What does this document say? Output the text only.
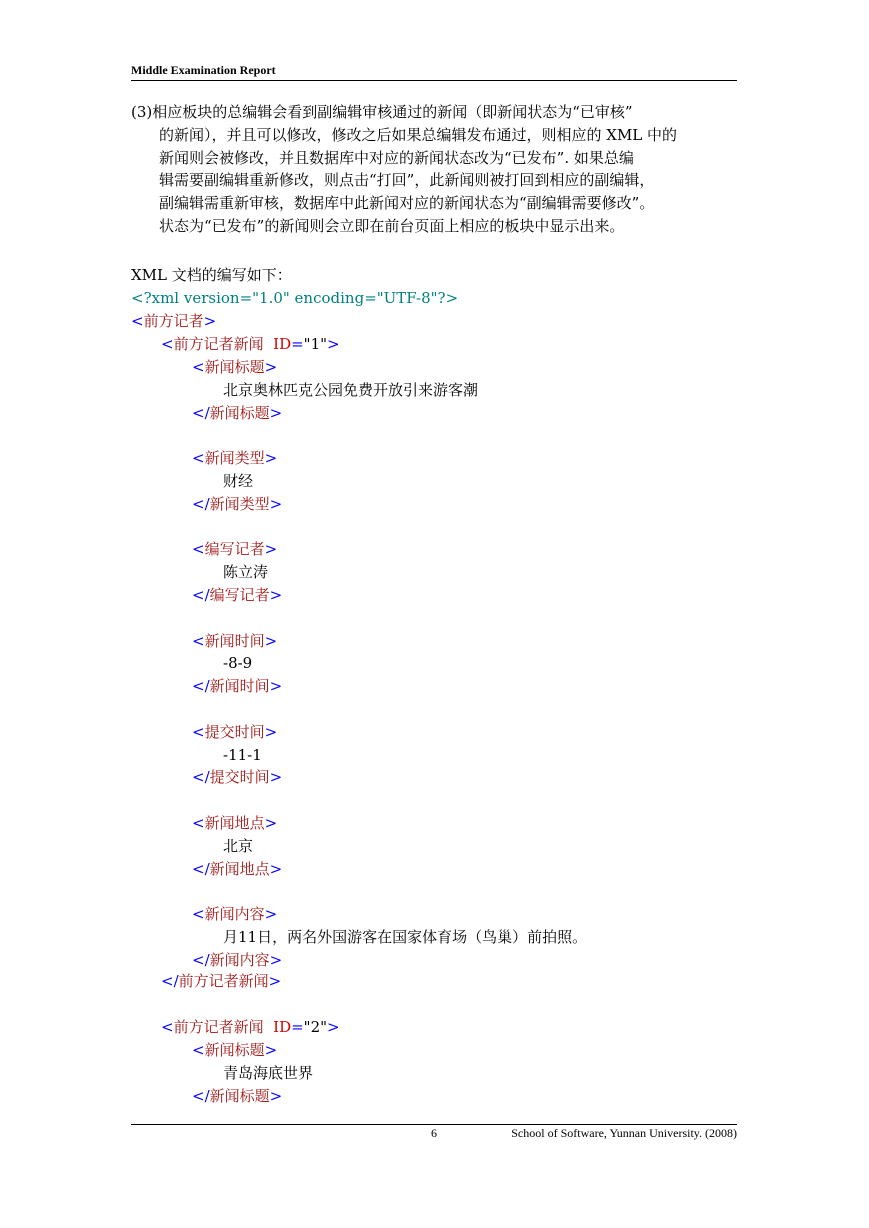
Middle Examination Report
(3)相应板块的总编辑会看到副编辑审核通过的新闻（即新闻状态为“已审核”
的新闻），并且可以修改，修改之后如果总编辑发布通过，则相应的 XML 中的
新闻则会被修改，并且数据库中对应的新闻状态改为“已发布”. 如果总编
辑需要副编辑重新修改，则点击“打回”，此新闻则被打回到相应的副编辑，
副编辑需重新审核，数据库中此新闻对应的新闻状态为“副编辑需要修改”。
状态为“已发布”的新闻则会立即在前台页面上相应的板块中显示出来。
XML 文档的编写如下：
<?xml version="1.0" encoding="UTF-8"?>
<前方记者>
<前方记者新闻 ID="1">
<新闻标题>
北京奥林匹克公园免费开放引来游客潮
</新闻标题>
<新闻类型>
财经
</新闻类型>
<编写记者>
陈立涛
</编写记者>
<新闻时间>
-8-9
</新闻时间>
<提交时间>
-11-1
</提交时间>
<新闻地点>
北京
</新闻地点>
<新闻内容>
月11日，两名外国游客在国家体育场（鸟巢）前拍照。
</新闻内容>
</前方记者新闻>
<前方记者新闻 ID="2">
<新闻标题>
青岛海底世界
</新闻标题>
6	School of Software, Yunnan University. (2008)
